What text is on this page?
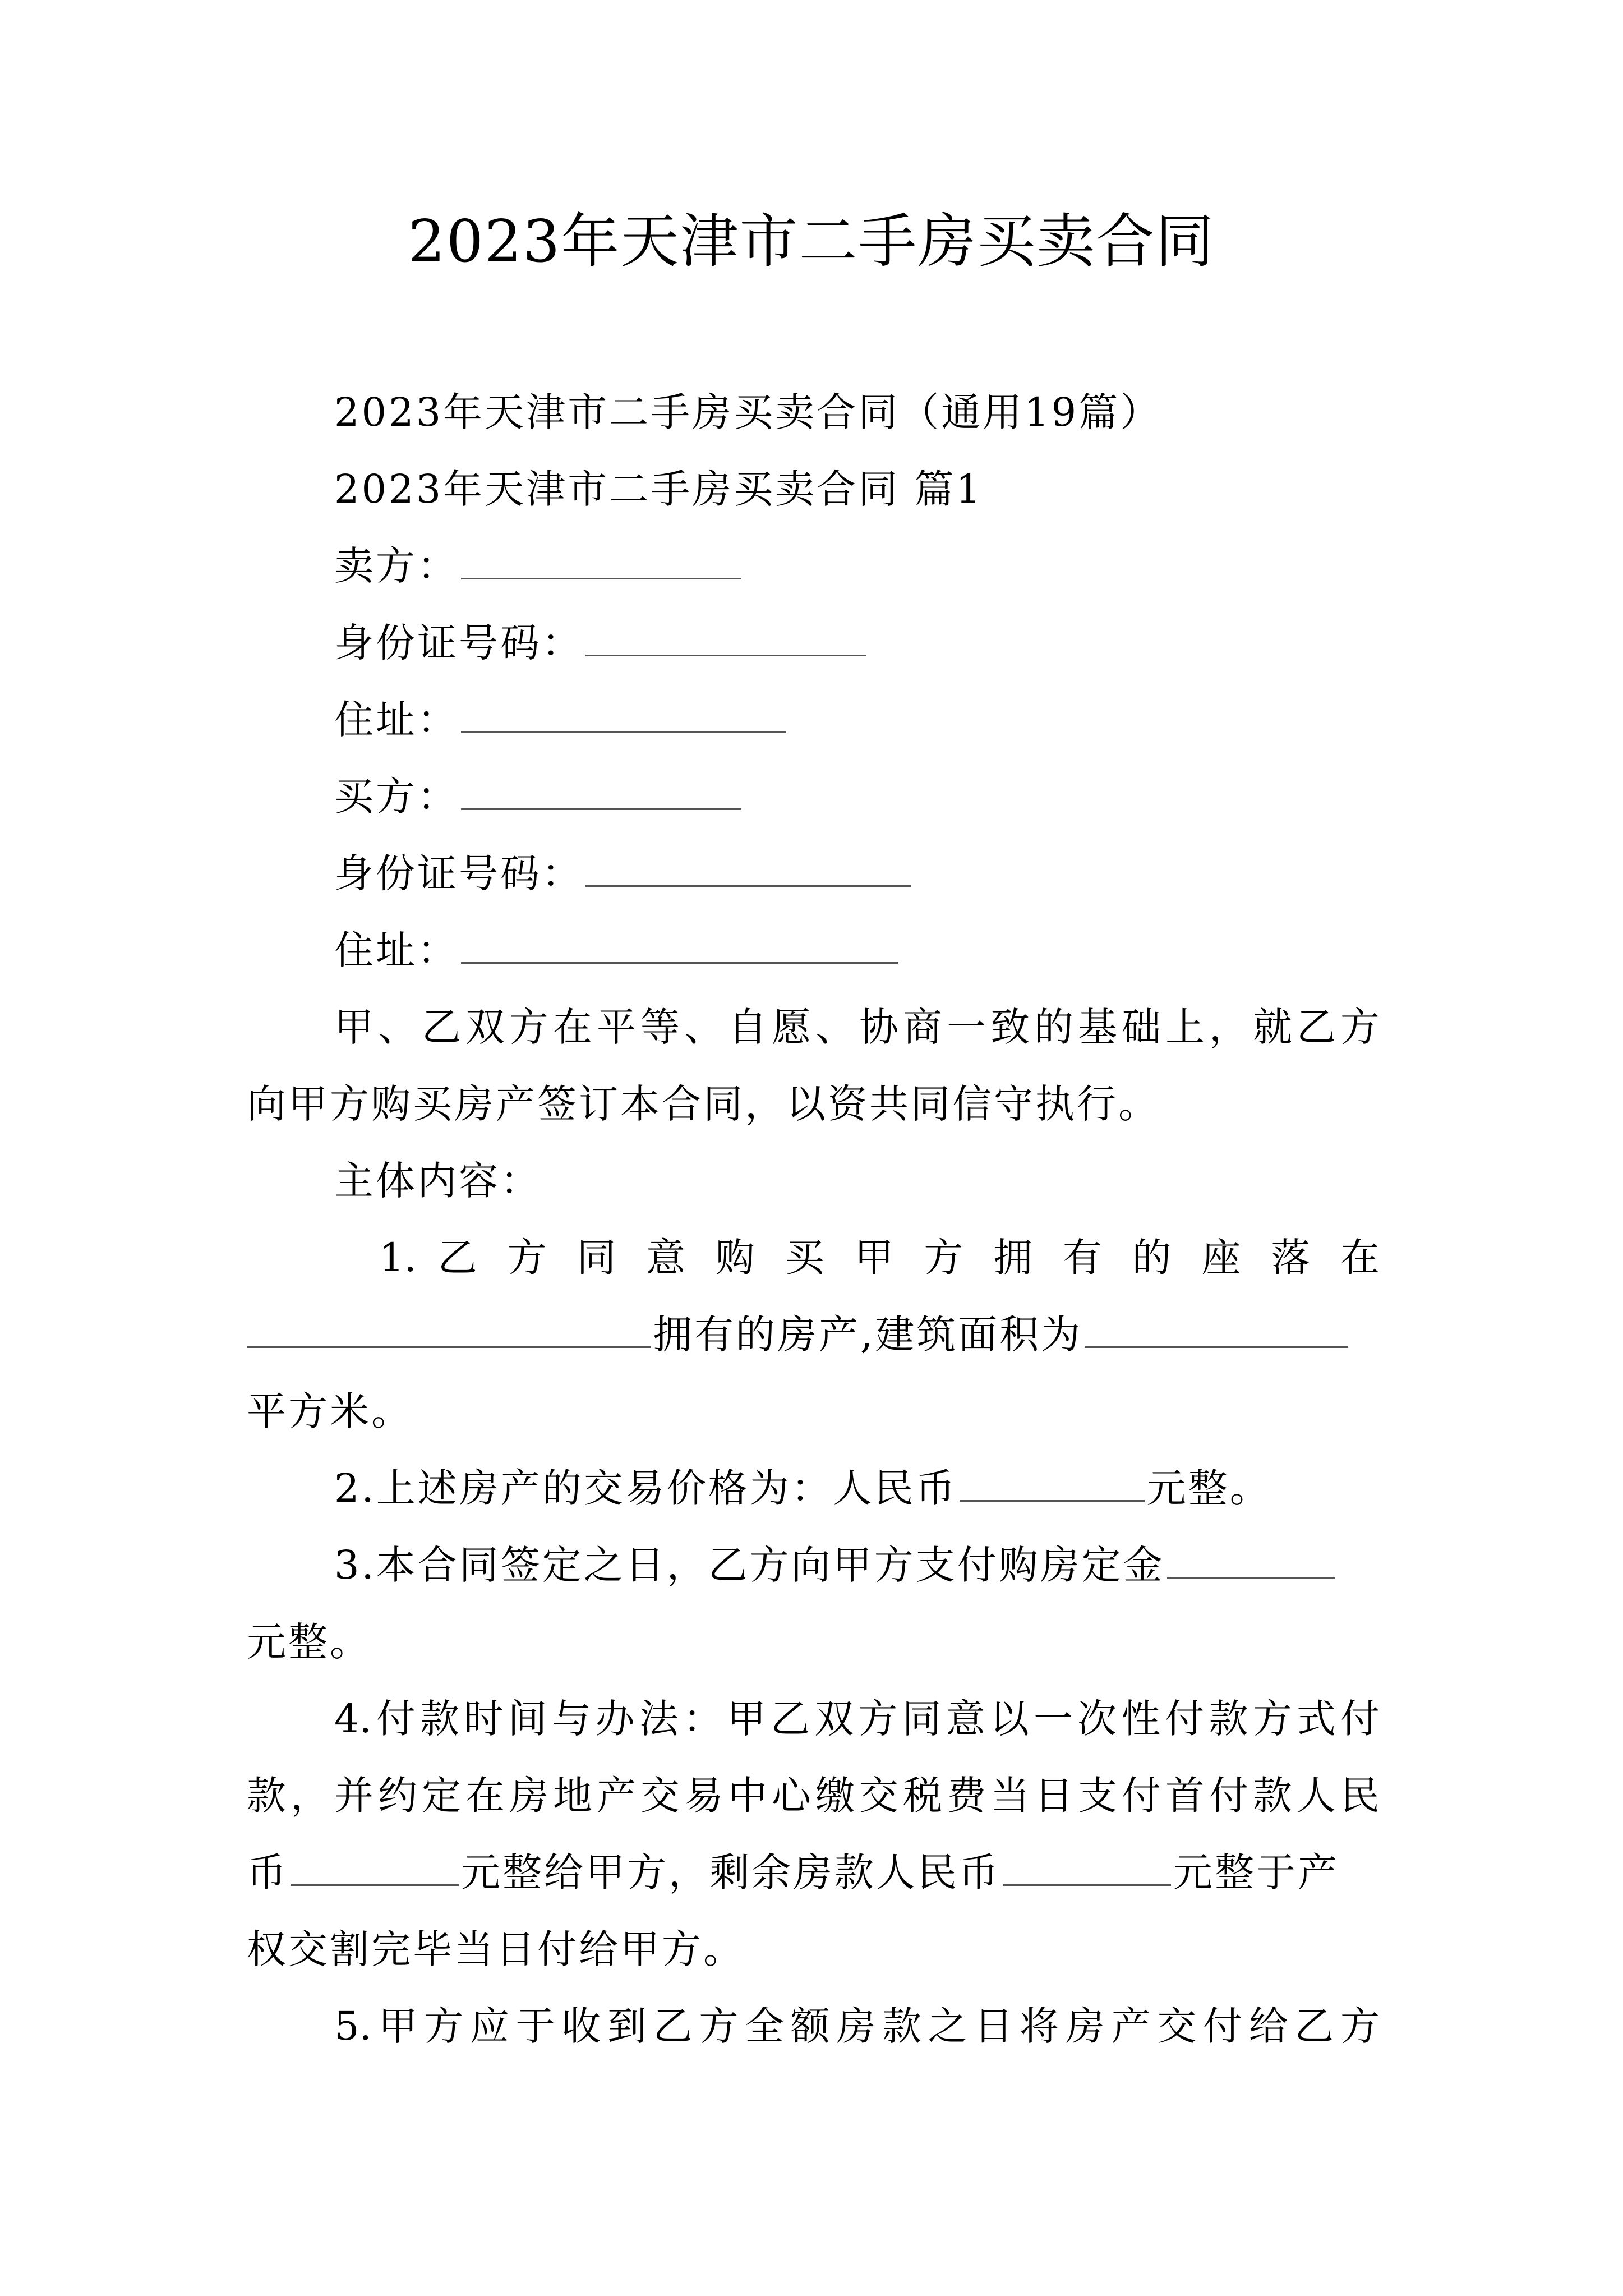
2023年天津市二手房买卖合同
2023年天津市二手房买卖合同（通用19篇）
2023年天津市二手房买卖合同 篇1
卖方：
身份证号码：
住址：
买方：
身份证号码：
住址：
甲、乙双方在平等、自愿、协商一致的基础上，就乙方
向甲方购买房产签订本合同，以资共同信守执行。
主体内容：
1. 乙 方 同 意 购 买 甲 方 拥 有 的 座 落 在
拥有的房产,建筑面积为
平方米。
2.上述房产的交易价格为：人民币	元整。
3.本合同签定之日，乙方向甲方支付购房定金
元整。
4.付款时间与办法：甲乙双方同意以一次性付款方式付
款，并约定在房地产交易中心缴交税费当日支付首付款人民
币	元整给甲方，剩余房款人民币	元整于产
权交割完毕当日付给甲方。
5.甲方应于收到乙方全额房款之日将房产交付给乙方
